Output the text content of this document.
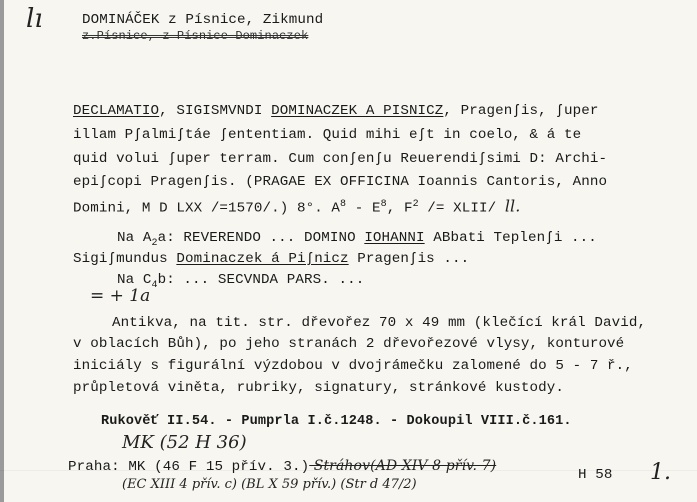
lı	DOMINÁČEK z Písnice, Zikmund
z.Písnice, z Písnice Dominaczek
DECLAMATIO, SIGISMVNDI DOMINACZEK A PISNICZ, Pragenʃis, ʃuper
illam Pʃalmiʃtáe ʃententiam. Quid mihi eʃt in coelo, & á te
quid volui ʃuper terram. Cum conʃenʃu Reuerendiʃsimi D: Archi-
epiʃcopi Pragenʃis. (PRAGAE EX OFFICINA Ioannis Cantoris, Anno
Domini, M D LXX /=1570/.) 8°. $A^8 - E^8$, $F^2$ /= XLII/ ll.
Na $A_2a$: REVERENDO ... DOMINO IOHANNI ABbati Teplenʃi ...
Sigiʃmundus Dominaczek á Piʃnicz Pragenʃis ...
Na $C_4b$: ... SECVNDA PARS. ...
= + 1a
Antikva, na tit. str. dřevořez 70 x 49 mm (klečící král David,
v oblacích Bůh), po jeho stranách 2 dřevořezové vlysy, konturové
iniciály s figurální výzdobou v dvojrámečku zalomené do 5 - 7 ř.,
průpletová viněta, rubriky, signatury, stránkové kustody.
Rukověť II.54. - Pumprla I.č.1248. - Dokoupil VIII.č.161.
MK (52 H 36)
Praha: MK (46 F 15 přív. 3.) Stráhov(AD XIV 8 přív. 7)
(EC XIII 4 přív. c) (BL X 59 přív.) (Str d 47/2)
H 58 1.
